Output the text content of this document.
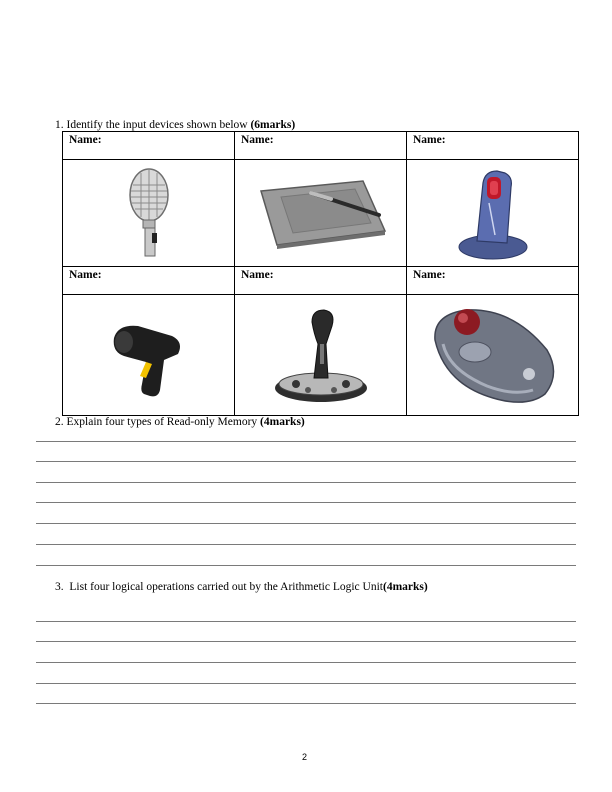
1. Identify the input devices shown below (6marks)
Name:	Name:	Name:

Name:	Name:	Name:

2. Explain four types of Read-only Memory (4marks)
3. List four logical operations carried out by the Arithmetic Logic Unit(4marks)
2
